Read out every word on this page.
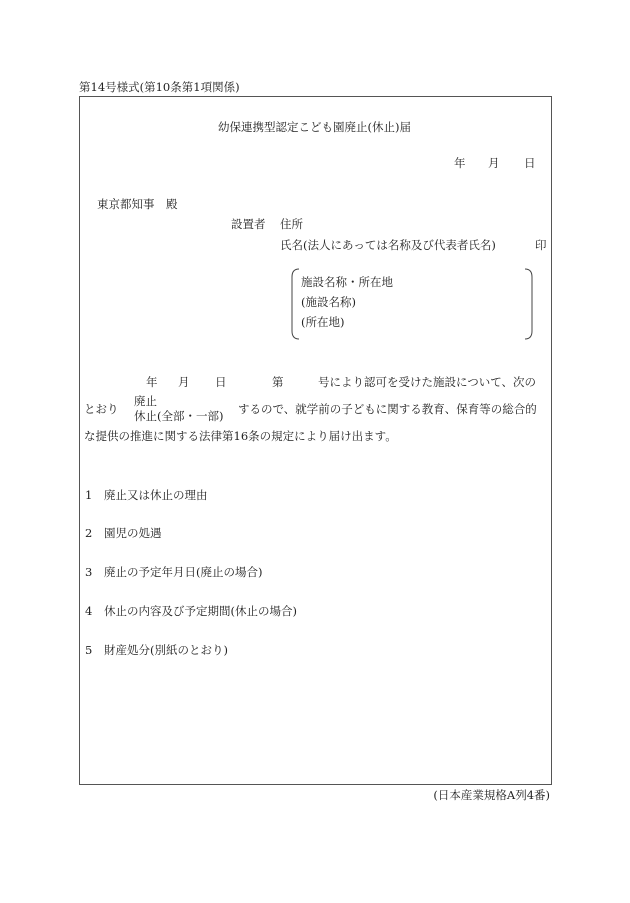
第14号様式(第10条第1項関係)
幼保連携型認定こども園廃止(休止)届
年 月 日
東京都知事　殿
設置者 住所
氏名(法人にあっては名称及び代表者氏名)	印
施設名称・所在地
(施設名称)
(所在地)
年 月 日	第	号により認可を受けた施設について、次の
とおり
廃止
休止(全部・一部) するので、就学前の子どもに関する教育、保育等の総合的
な提供の推進に関する法律第16条の規定により届け出ます。
1 廃止又は休止の理由
2 園児の処遇
3 廃止の予定年月日(廃止の場合)
4 休止の内容及び予定期間(休止の場合)
5 財産処分(別紙のとおり)
(日本産業規格A列4番)
